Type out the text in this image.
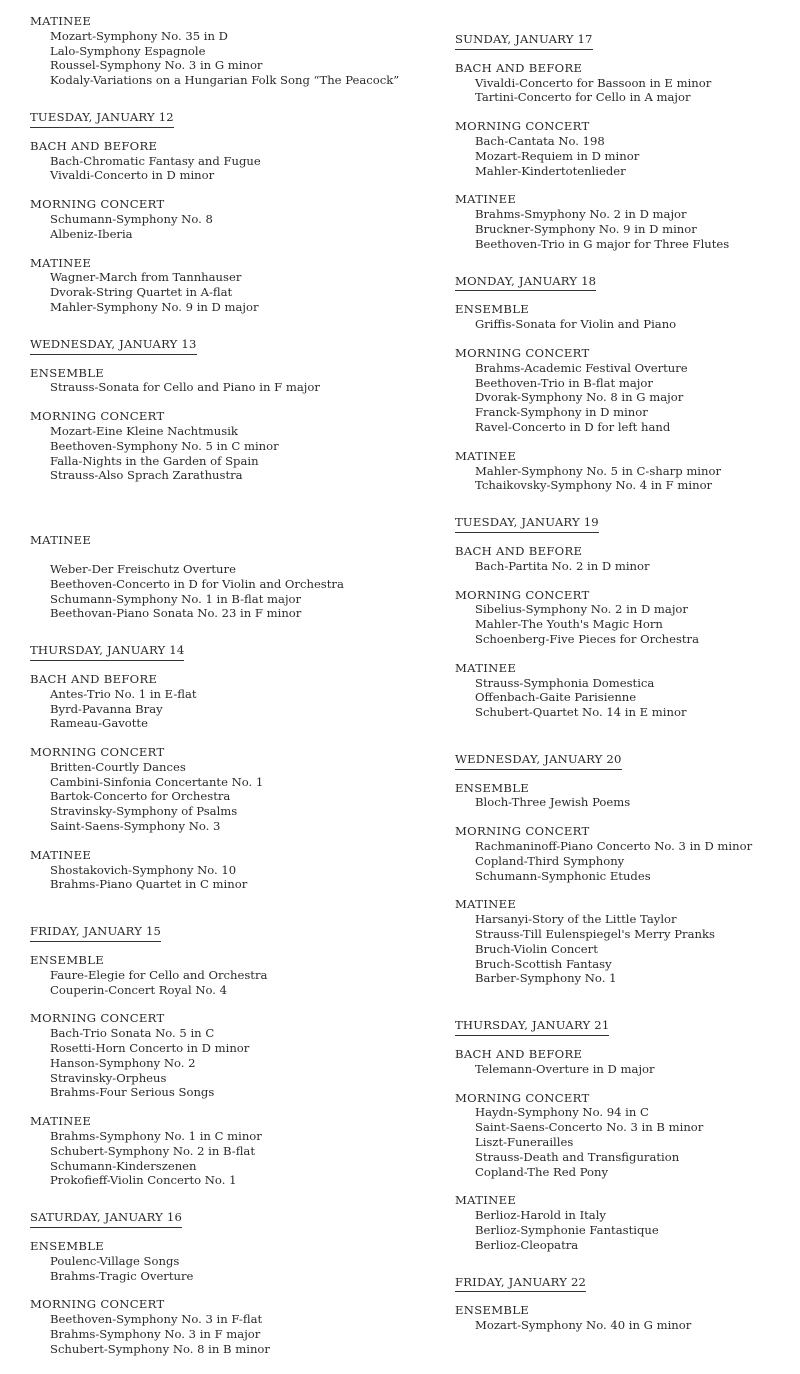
MATINEE
Mozart-Symphony No. 35 in D
Lalo-Symphony Espagnole
Roussel-Symphony No. 3 in G minor
Kodaly-Variations on a Hungarian Folk Song “The Peacock”
TUESDAY, JANUARY 12
BACH AND BEFORE
Bach-Chromatic Fantasy and Fugue
Vivaldi-Concerto in D minor
MORNING CONCERT
Schumann-Symphony No. 8
Albeniz-Iberia
MATINEE
Wagner-March from Tannhauser
Dvorak-String Quartet in A-flat
Mahler-Symphony No. 9 in D major
WEDNESDAY, JANUARY 13
ENSEMBLE
Strauss-Sonata for Cello and Piano in F major
MORNING CONCERT
Mozart-Eine Kleine Nachtmusik
Beethoven-Symphony No. 5 in C minor
Falla-Nights in the Garden of Spain
Strauss-Also Sprach Zarathustra
MATINEE
Weber-Der Freischutz Overture
Beethoven-Concerto in D for Violin and Orchestra
Schumann-Symphony No. 1 in B-flat major
Beethovan-Piano Sonata No. 23 in F minor
THURSDAY, JANUARY 14
BACH AND BEFORE
Antes-Trio No. 1 in E-flat
Byrd-Pavanna Bray
Rameau-Gavotte
MORNING CONCERT
Britten-Courtly Dances
Cambini-Sinfonia Concertante No. 1
Bartok-Concerto for Orchestra
Stravinsky-Symphony of Psalms
Saint-Saens-Symphony No. 3
MATINEE
Shostakovich-Symphony No. 10
Brahms-Piano Quartet in C minor
FRIDAY, JANUARY 15
ENSEMBLE
Faure-Elegie for Cello and Orchestra
Couperin-Concert Royal No. 4
MORNING CONCERT
Bach-Trio Sonata No. 5 in C
Rosetti-Horn Concerto in D minor
Hanson-Symphony No. 2
Stravinsky-Orpheus
Brahms-Four Serious Songs
MATINEE
Brahms-Symphony No. 1 in C minor
Schubert-Symphony No. 2 in B-flat
Schumann-Kinderszenen
Prokofieff-Violin Concerto No. 1
SATURDAY, JANUARY 16
ENSEMBLE
Poulenc-Village Songs
Brahms-Tragic Overture
MORNING CONCERT
Beethoven-Symphony No. 3 in F-flat
Brahms-Symphony No. 3 in F major
Schubert-Symphony No. 8 in B minor
SUNDAY, JANUARY 17
BACH AND BEFORE
Vivaldi-Concerto for Bassoon in E minor
Tartini-Concerto for Cello in A major
MORNING CONCERT
Bach-Cantata No. 198
Mozart-Requiem in D minor
Mahler-Kindertotenlieder
MATINEE
Brahms-Smyphony No. 2 in D major
Bruckner-Symphony No. 9 in D minor
Beethoven-Trio in G major for Three Flutes
MONDAY, JANUARY 18
ENSEMBLE
Griffis-Sonata for Violin and Piano
MORNING CONCERT
Brahms-Academic Festival Overture
Beethoven-Trio in B-flat major
Dvorak-Symphony No. 8 in G major
Franck-Symphony in D minor
Ravel-Concerto in D for left hand
MATINEE
Mahler-Symphony No. 5 in C-sharp minor
Tchaikovsky-Symphony No. 4 in F minor
TUESDAY, JANUARY 19
BACH AND BEFORE
Bach-Partita No. 2 in D minor
MORNING CONCERT
Sibelius-Symphony No. 2 in D major
Mahler-The Youth's Magic Horn
Schoenberg-Five Pieces for Orchestra
MATINEE
Strauss-Symphonia Domestica
Offenbach-Gaite Parisienne
Schubert-Quartet No. 14 in E minor
WEDNESDAY, JANUARY 20
ENSEMBLE
Bloch-Three Jewish Poems
MORNING CONCERT
Rachmaninoff-Piano Concerto No. 3 in D minor
Copland-Third Symphony
Schumann-Symphonic Etudes
MATINEE
Harsanyi-Story of the Little Taylor
Strauss-Till Eulenspiegel's Merry Pranks
Bruch-Violin Concert
Bruch-Scottish Fantasy
Barber-Symphony No. 1
THURSDAY, JANUARY 21
BACH AND BEFORE
Telemann-Overture in D major
MORNING CONCERT
Haydn-Symphony No. 94 in C
Saint-Saens-Concerto No. 3 in B minor
Liszt-Funerailles
Strauss-Death and Transfiguration
Copland-The Red Pony
MATINEE
Berlioz-Harold in Italy
Berlioz-Symphonie Fantastique
Berlioz-Cleopatra
FRIDAY, JANUARY 22
ENSEMBLE
Mozart-Symphony No. 40 in G minor
